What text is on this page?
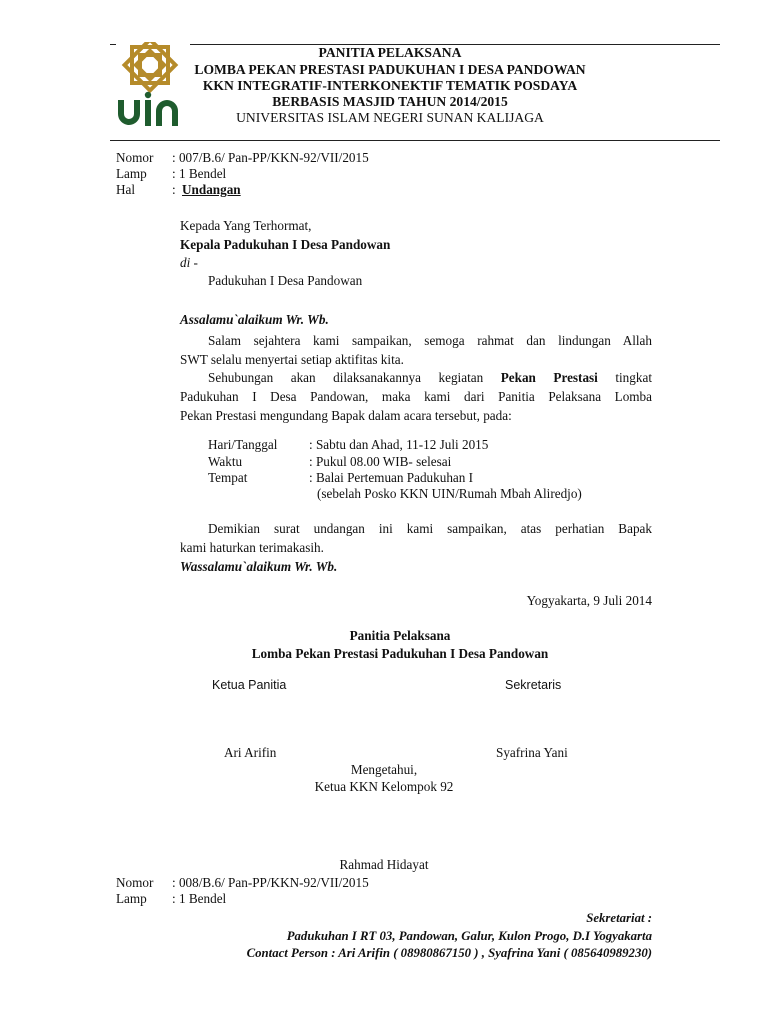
PANITIA PELAKSANA
LOMBA PEKAN PRESTASI PADUKUHAN I DESA PANDOWAN
KKN INTEGRATIF-INTERKONEKTIF TEMATIK POSDAYA
BERBASIS MASJID TAHUN 2014/2015
UNIVERSITAS ISLAM NEGERI SUNAN KALIJAGA
Nomor : 007/B.6/ Pan-PP/KKN-92/VII/2015
Lamp : 1 Bendel
Hal	: Undangan
Kepada Yang Terhormat,
Kepala Padukuhan I Desa Pandowan
di -
Padukuhan I Desa Pandowan
Assalamu`alaikum Wr. Wb.
Salam sejahtera kami sampaikan, semoga rahmat dan lindungan Allah
SWT selalu menyertai setiap aktifitas kita.
Sehubungan akan dilaksanakannya kegiatan Pekan Prestasi tingkat
Padukuhan I Desa Pandowan, maka kami dari Panitia Pelaksana Lomba
Pekan Prestasi mengundang Bapak dalam acara tersebut, pada:
Hari/Tanggal : Sabtu dan Ahad, 11-12 Juli 2015
Waktu	: Pukul 08.00 WIB- selesai
Tempat	: Balai Pertemuan Padukuhan I
(sebelah Posko KKN UIN/Rumah Mbah Aliredjo)
Demikian surat undangan ini kami sampaikan, atas perhatian Bapak
kami haturkan terimakasih.
Wassalamu`alaikum Wr. Wb.
Yogyakarta, 9 Juli 2014
Panitia Pelaksana
Lomba Pekan Prestasi Padukuhan I Desa Pandowan
Ketua Panitia	Sekretaris
Ari Arifin	Syafrina Yani
Mengetahui,
Ketua KKN Kelompok 92
Rahmad Hidayat
Nomor : 008/B.6/ Pan-PP/KKN-92/VII/2015
Lamp : 1 Bendel
Sekretariat :
Padukuhan I RT 03, Pandowan, Galur, Kulon Progo, D.I Yogyakarta
Contact Person : Ari Arifin ( 08980867150 ) , Syafrina Yani ( 085640989230)
